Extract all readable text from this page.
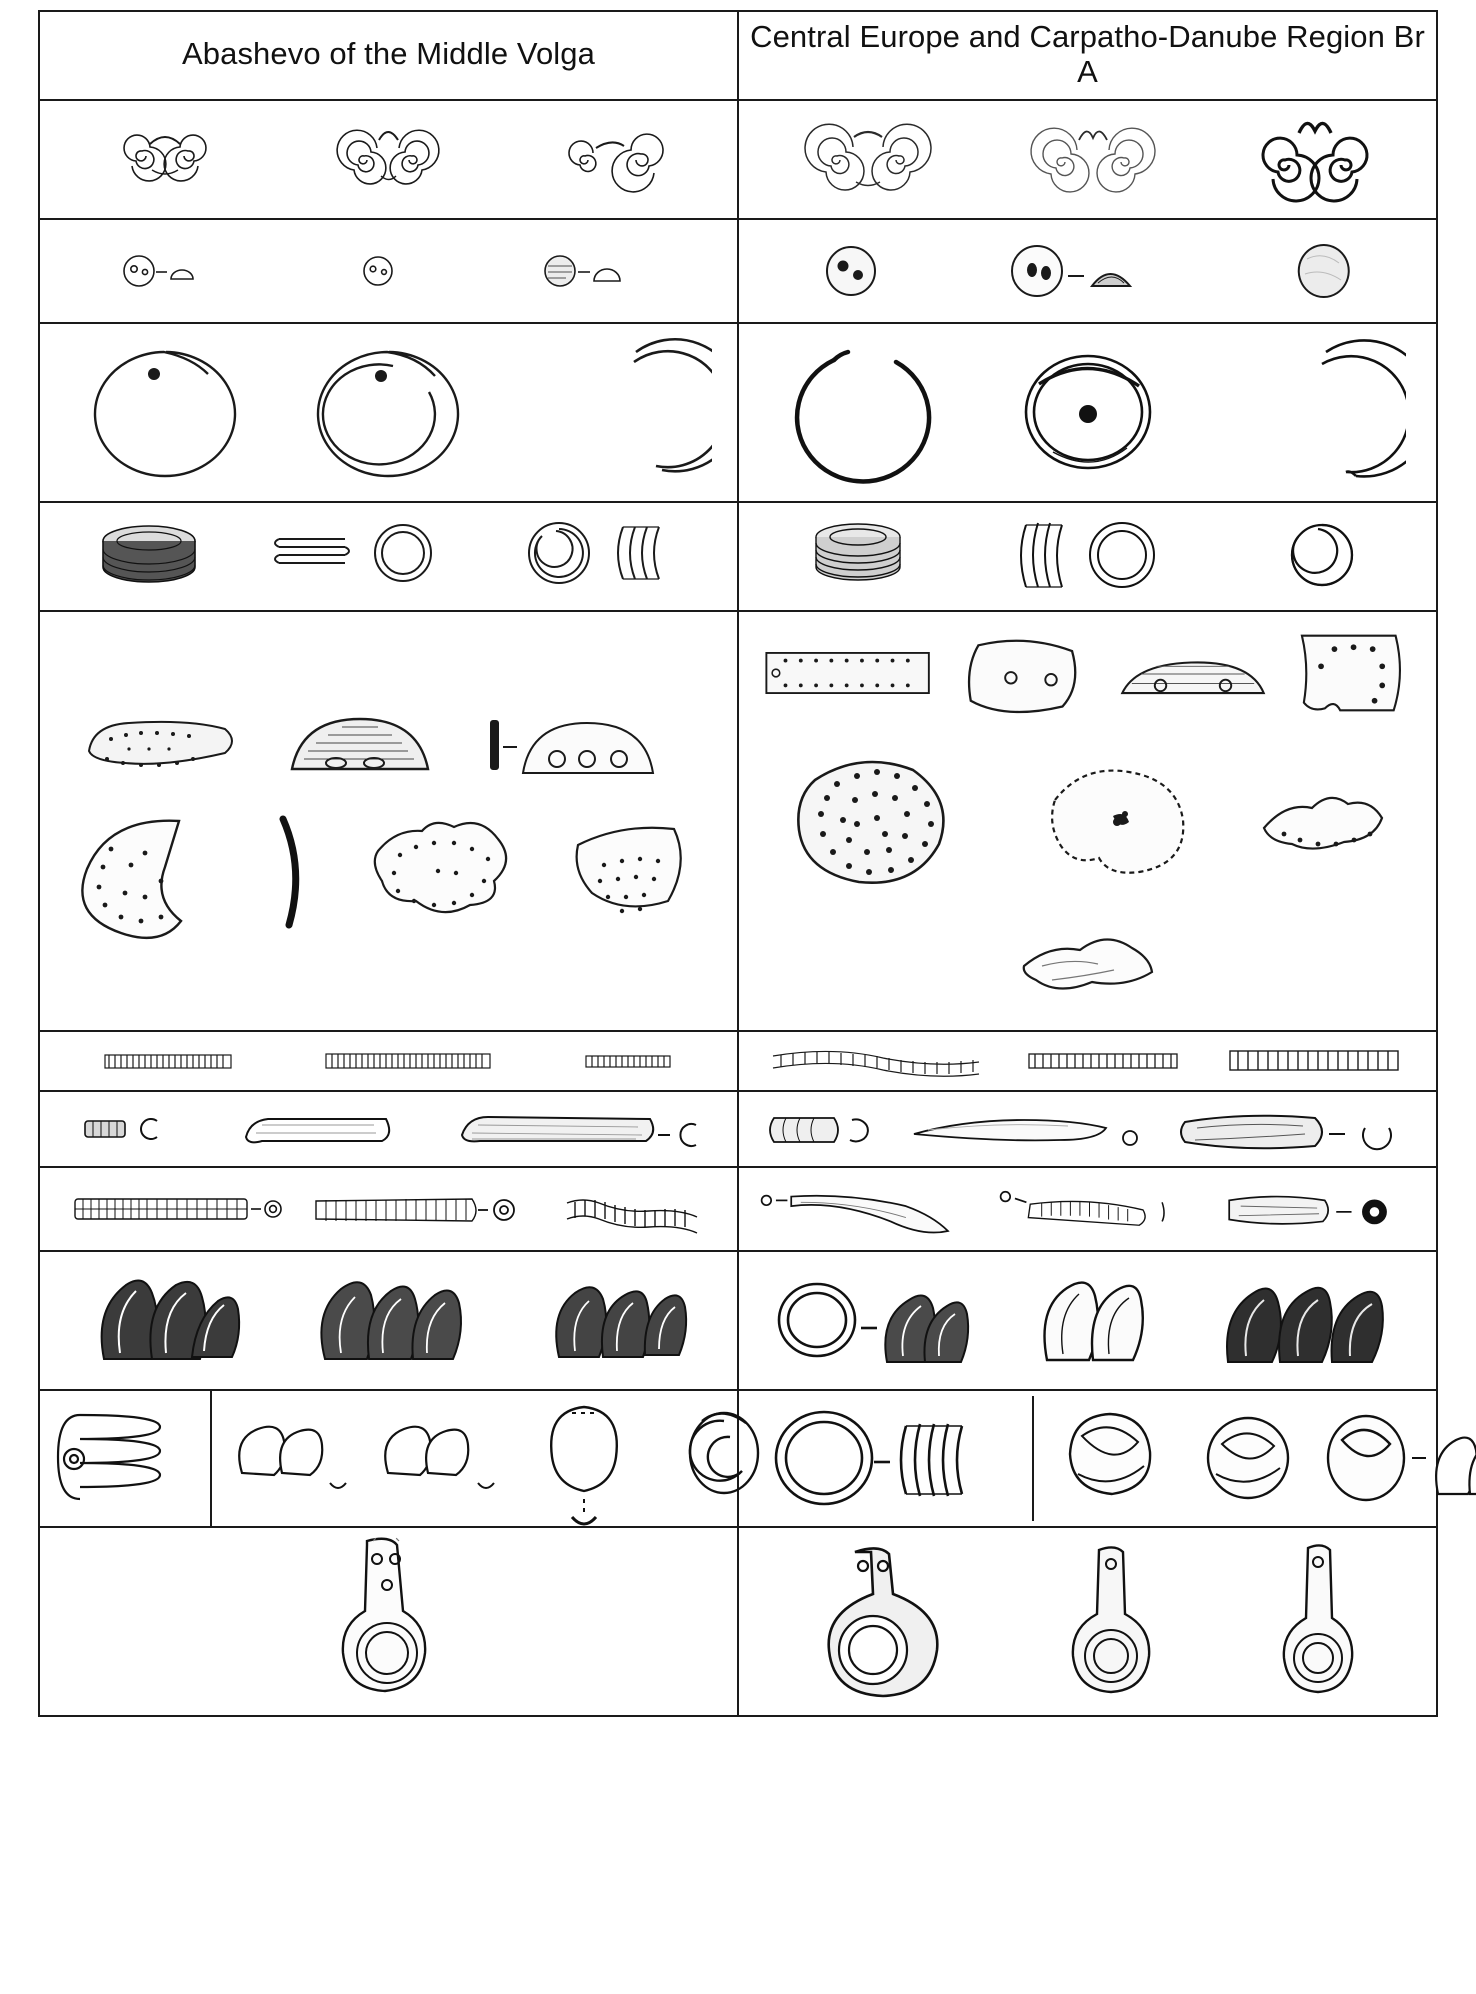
Abashevo of the Middle Volga	Central Europe and Carpatho-Danube Region Br A
